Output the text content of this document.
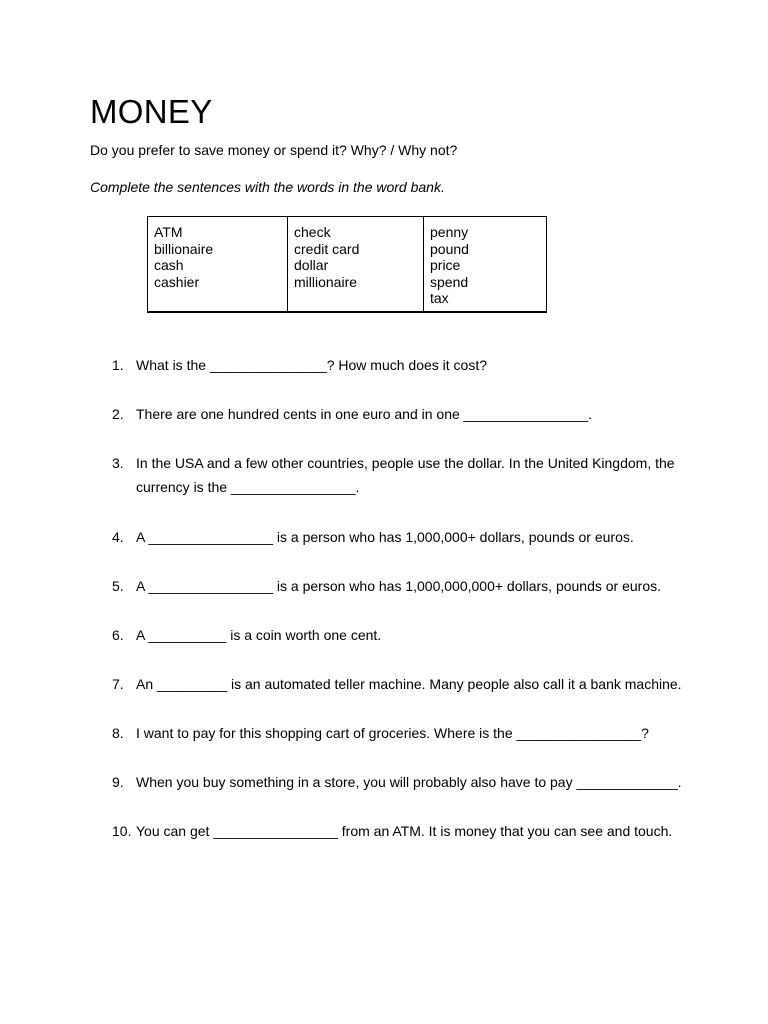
MONEY
Do you prefer to save money or spend it? Why? / Why not?
Complete the sentences with the words in the word bank.
ATM
billionaire
cash
cashier
check
credit card
dollar
millionaire
penny
pound
price
spend
tax
1. What is the _______________? How much does it cost?
2. There are one hundred cents in one euro and in one ________________.
3. In the USA and a few other countries, people use the dollar. In the United Kingdom, the currency is the ________________.
4. A ________________ is a person who has 1,000,000+ dollars, pounds or euros.
5. A ________________ is a person who has 1,000,000,000+ dollars, pounds or euros.
6. A __________ is a coin worth one cent.
7. An _________ is an automated teller machine. Many people also call it a bank machine.
8. I want to pay for this shopping cart of groceries. Where is the ________________?
9. When you buy something in a store, you will probably also have to pay _____________.
10. You can get ________________ from an ATM. It is money that you can see and touch.
